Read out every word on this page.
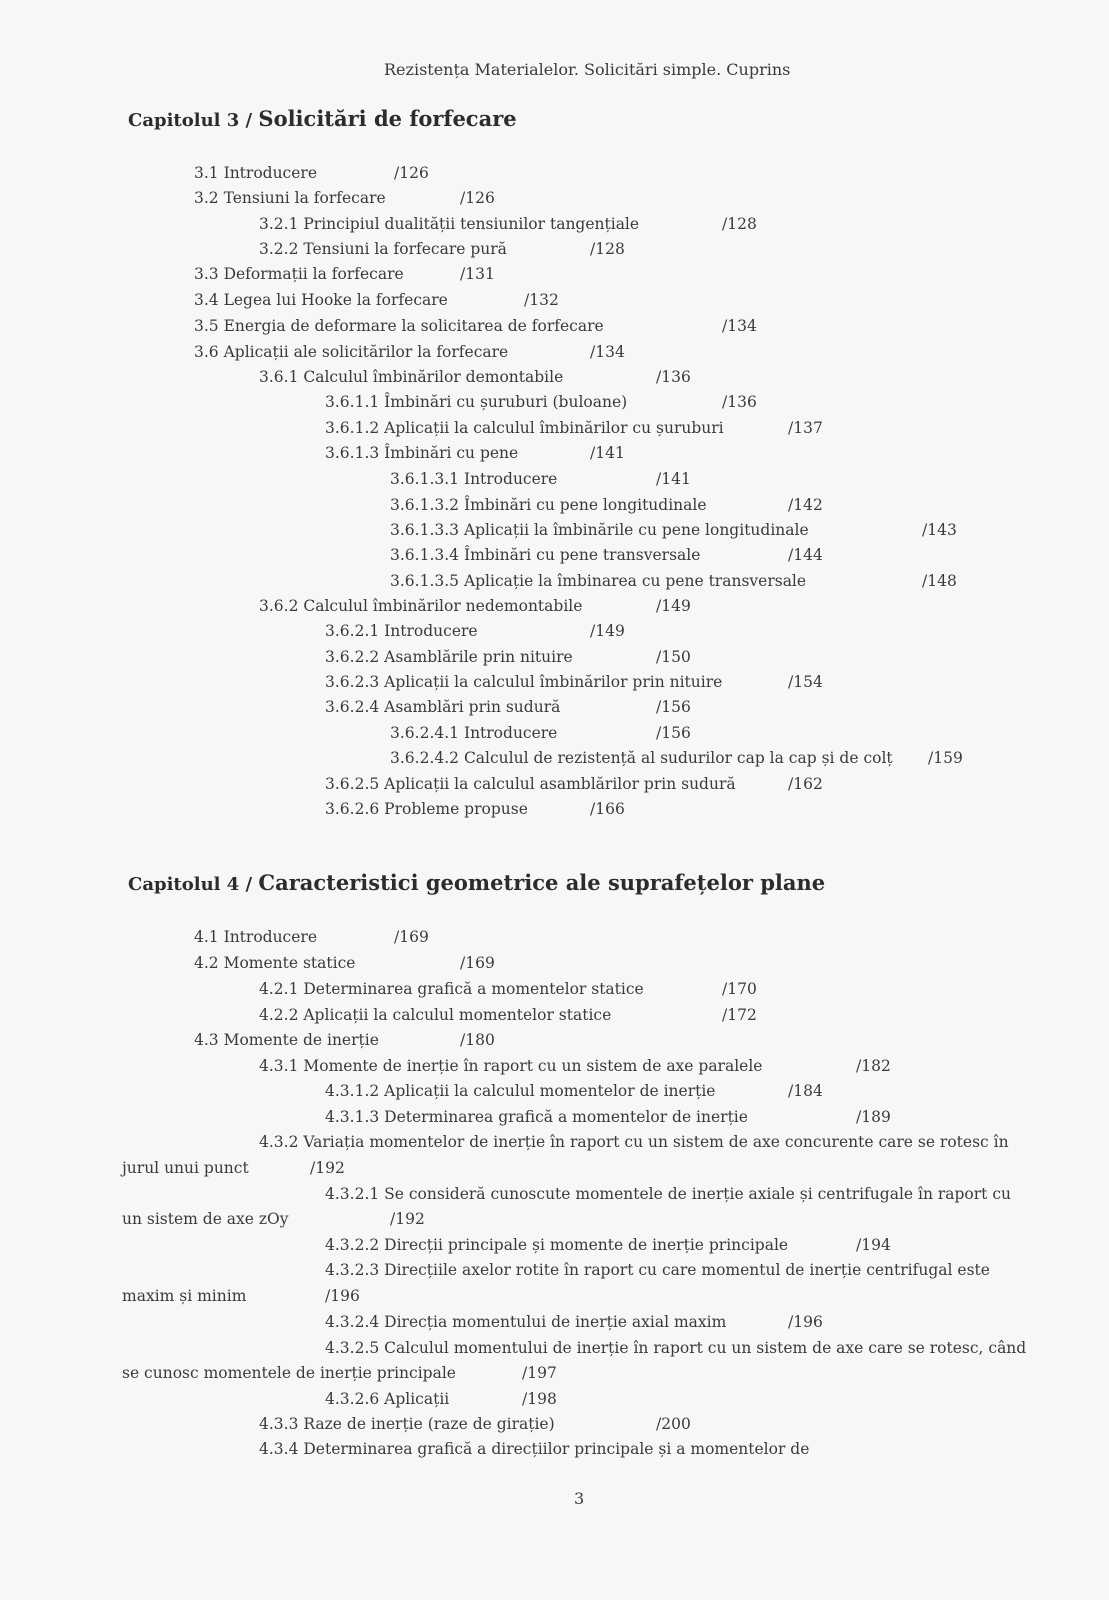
Rezistența Materialelor. Solicitări simple. Cuprins
Capitolul 3 / Solicitări de forfecare
3.1 Introducere	/126
3.2 Tensiuni la forfecare	/126
3.2.1 Principiul dualității tensiunilor tangențiale	/128
3.2.2 Tensiuni la forfecare pură	/128
3.3 Deformații la forfecare	/131
3.4 Legea lui Hooke la forfecare	/132
3.5 Energia de deformare la solicitarea de forfecare	/134
3.6 Aplicații ale solicitărilor la forfecare	/134
3.6.1 Calculul îmbinărilor demontabile	/136
3.6.1.1 Îmbinări cu șuruburi (buloane)	/136
3.6.1.2 Aplicații la calculul îmbinărilor cu șuruburi	/137
3.6.1.3 Îmbinări cu pene	/141
3.6.1.3.1 Introducere	/141
3.6.1.3.2 Îmbinări cu pene longitudinale	/142
3.6.1.3.3 Aplicații la îmbinările cu pene longitudinale	/143
3.6.1.3.4 Îmbinări cu pene transversale	/144
3.6.1.3.5 Aplicație la îmbinarea cu pene transversale	/148
3.6.2 Calculul îmbinărilor nedemontabile	/149
3.6.2.1 Introducere	/149
3.6.2.2 Asamblările prin nituire	/150
3.6.2.3 Aplicații la calculul îmbinărilor prin nituire	/154
3.6.2.4 Asamblări prin sudură	/156
3.6.2.4.1 Introducere	/156
3.6.2.4.2 Calculul de rezistență al sudurilor cap la cap și de colț /159
3.6.2.5 Aplicații la calculul asamblărilor prin sudură	/162
3.6.2.6 Probleme propuse	/166
Capitolul 4 / Caracteristici geometrice ale suprafețelor plane
4.1 Introducere	/169
4.2 Momente statice	/169
4.2.1 Determinarea grafică a momentelor statice	/170
4.2.2 Aplicații la calculul momentelor statice	/172
4.3 Momente de inerție	/180
4.3.1 Momente de inerție în raport cu un sistem de axe paralele	/182
4.3.1.2 Aplicații la calculul momentelor de inerție	/184
4.3.1.3 Determinarea grafică a momentelor de inerție	/189
4.3.2 Variația momentelor de inerție în raport cu un sistem de axe concurente care se rotesc în
jurul unui punct	/192
4.3.2.1 Se consideră cunoscute momentele de inerție axiale și centrifugale în raport cu
un sistem de axe zOy	/192
4.3.2.2 Direcții principale și momente de inerție principale	/194
4.3.2.3 Direcțiile axelor rotite în raport cu care momentul de inerție centrifugal este
maxim și minim	/196
4.3.2.4 Direcția momentului de inerție axial maxim	/196
4.3.2.5 Calculul momentului de inerție în raport cu un sistem de axe care se rotesc, când
se cunosc momentele de inerție principale	/197
4.3.2.6 Aplicații	/198
4.3.3 Raze de inerție (raze de girație)	/200
4.3.4 Determinarea grafică a direcțiilor principale și a momentelor de
3
